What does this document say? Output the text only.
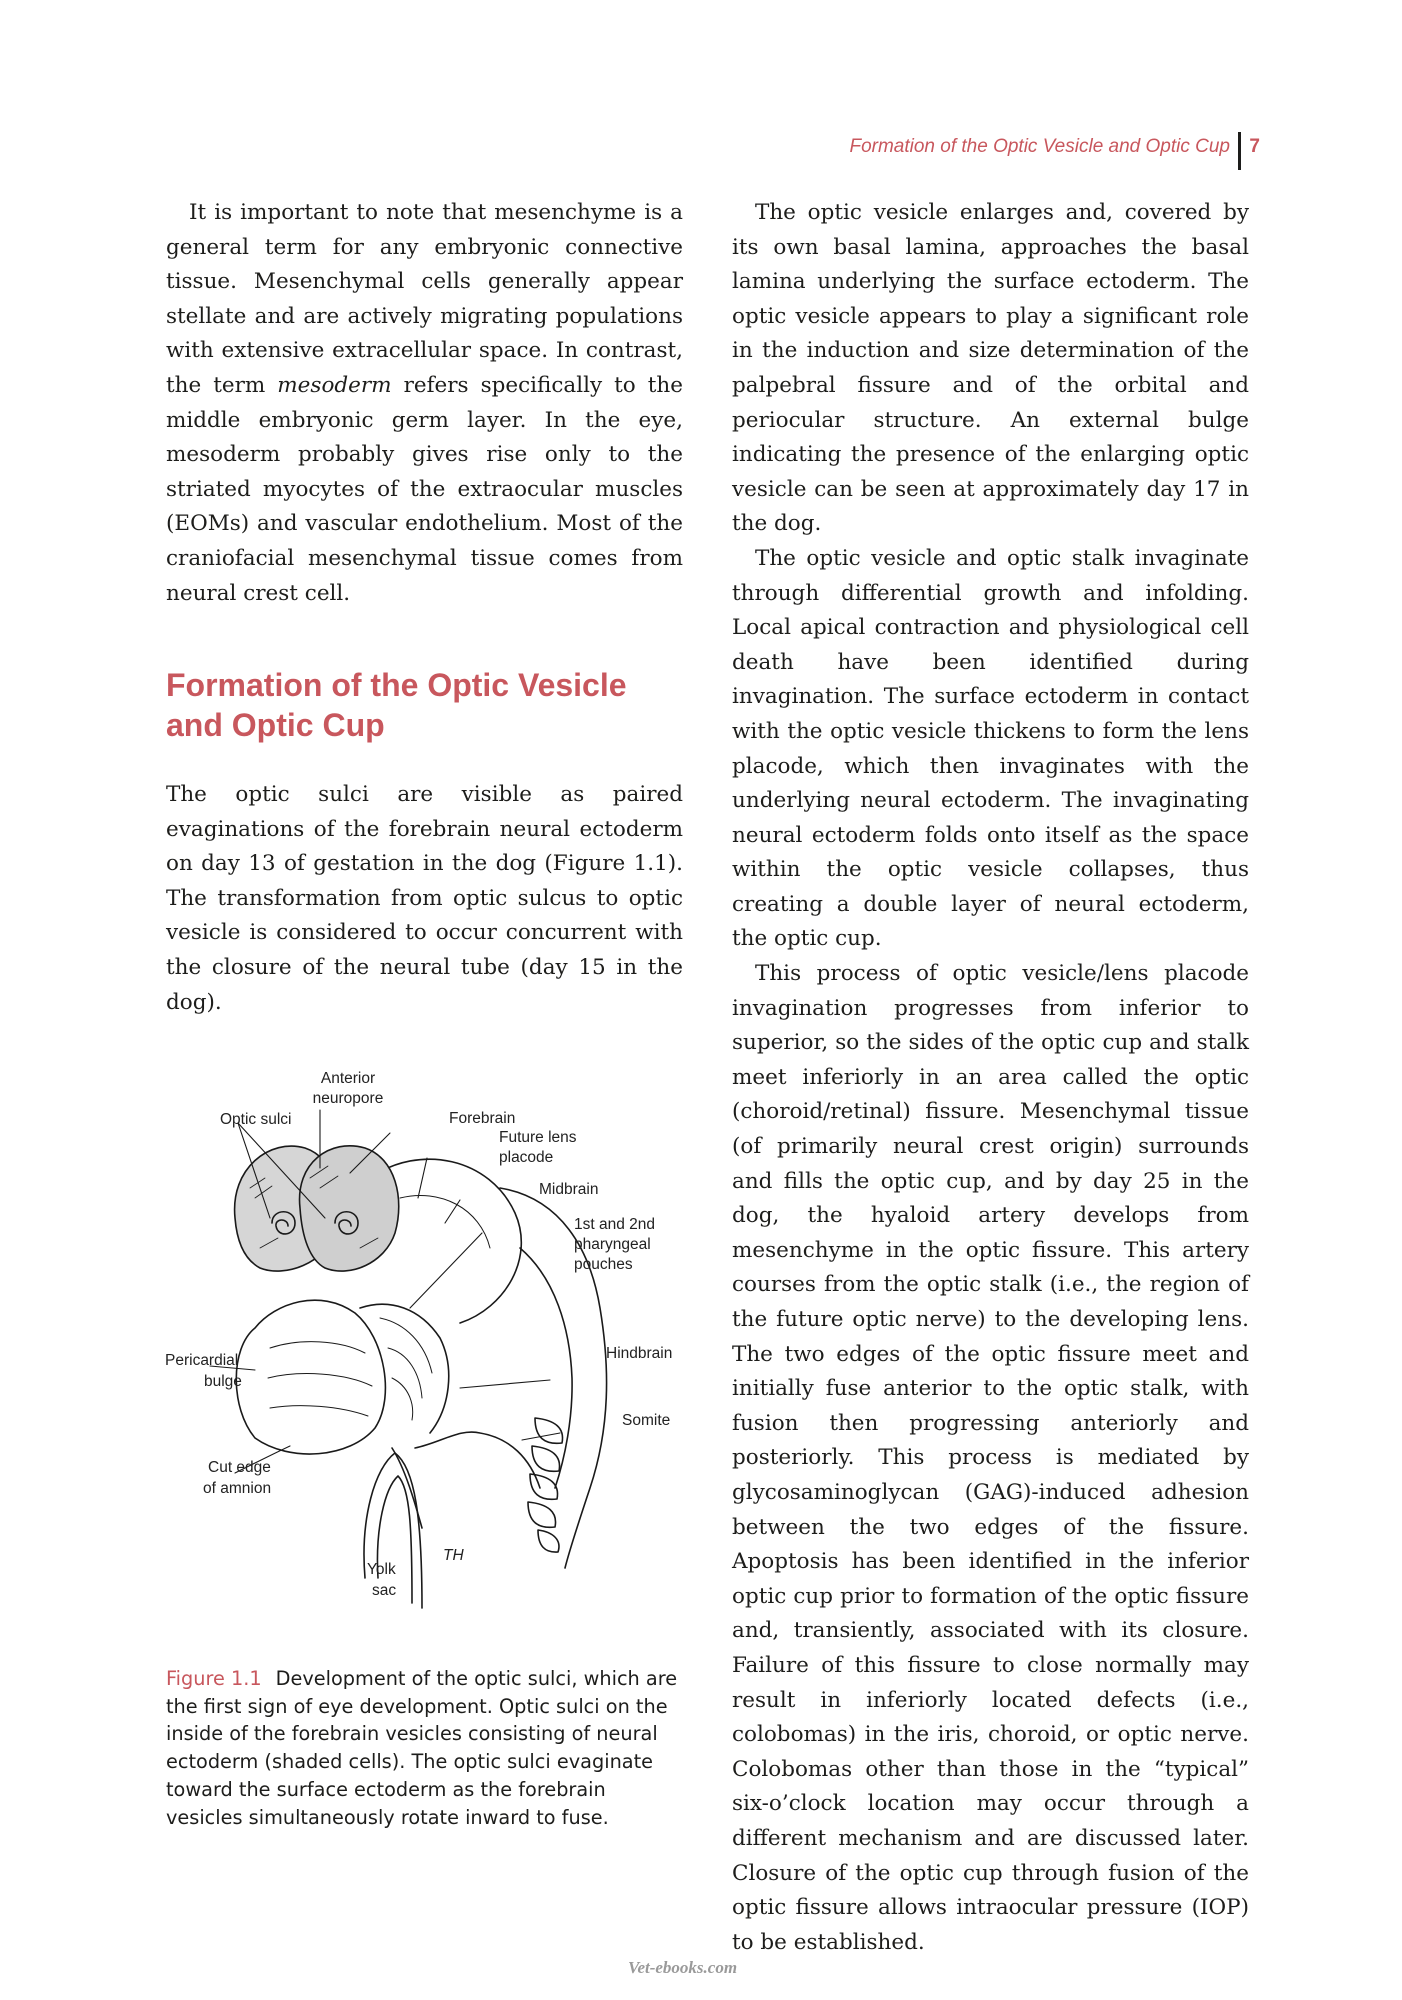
Formation of the Optic Vesicle and Optic Cup 7

It is important to note that mesenchyme is a general term for any embryonic connective tissue. Mesenchymal cells generally appear stellate and are actively migrating populations with extensive extracellular space. In contrast, the term mesoderm refers specifically to the middle embryonic germ layer. In the eye, mesoderm probably gives rise only to the striated myocytes of the extraocular muscles (EOMs) and vascular endothelium. Most of the craniofacial mesenchymal tissue comes from neural crest cell.

Formation of the Optic Vesicle
and Optic Cup

The optic sulci are visible as paired evaginations of the forebrain neural ectoderm on day 13 of gestation in the dog (Figure 1.1). The transformation from optic sulcus to optic vesicle is considered to occur concurrent with the closure of the neural tube (day 15 in the dog).

TH
Anterior
neuropore
Forebrain
Optic sulci
Future lens
placode
Midbrain
1st and 2nd
pharyngeal
pouches
Pericardial
bulge
Hindbrain
Somite
Cut edge
of amnion
Yolk
sac
Figure 1.1 Development of the optic sulci, which are the first sign of eye development. Optic sulci on the inside of the forebrain vesicles consisting of neural ectoderm (shaded cells). The optic sulci evaginate toward the surface ectoderm as the forebrain vesicles simultaneously rotate inward to fuse.

The optic vesicle enlarges and, covered by its own basal lamina, approaches the basal lamina underlying the surface ectoderm. The optic vesicle appears to play a significant role in the induction and size determination of the palpebral fissure and of the orbital and periocular structure. An external bulge indicating the presence of the enlarging optic vesicle can be seen at approximately day 17 in the dog.

The optic vesicle and optic stalk invaginate through differential growth and infolding. Local apical contraction and physiological cell death have been identified during invagination. The surface ectoderm in contact with the optic vesicle thickens to form the lens placode, which then invaginates with the underlying neural ectoderm. The invaginating neural ectoderm folds onto itself as the space within the optic vesicle collapses, thus creating a double layer of neural ectoderm, the optic cup.

This process of optic vesicle/lens placode invagination progresses from inferior to superior, so the sides of the optic cup and stalk meet inferiorly in an area called the optic (choroid/retinal) fissure. Mesenchymal tissue (of primarily neural crest origin) surrounds and fills the optic cup, and by day 25 in the dog, the hyaloid artery develops from mesenchyme in the optic fissure. This artery courses from the optic stalk (i.e., the region of the future optic nerve) to the developing lens. The two edges of the optic fissure meet and initially fuse anterior to the optic stalk, with fusion then progressing anteriorly and posteriorly. This process is mediated by glycosaminoglycan (GAG)-induced adhesion between the two edges of the fissure. Apoptosis has been identified in the inferior optic cup prior to formation of the optic fissure and, transiently, associated with its closure. Failure of this fissure to close normally may result in inferiorly located defects (i.e., colobomas) in the iris, choroid, or optic nerve. Colobomas other than those in the “typical” six-o’clock location may occur through a different mechanism and are discussed later. Closure of the optic cup through fusion of the optic fissure allows intraocular pressure (IOP) to be established.

Vet-ebooks.com
